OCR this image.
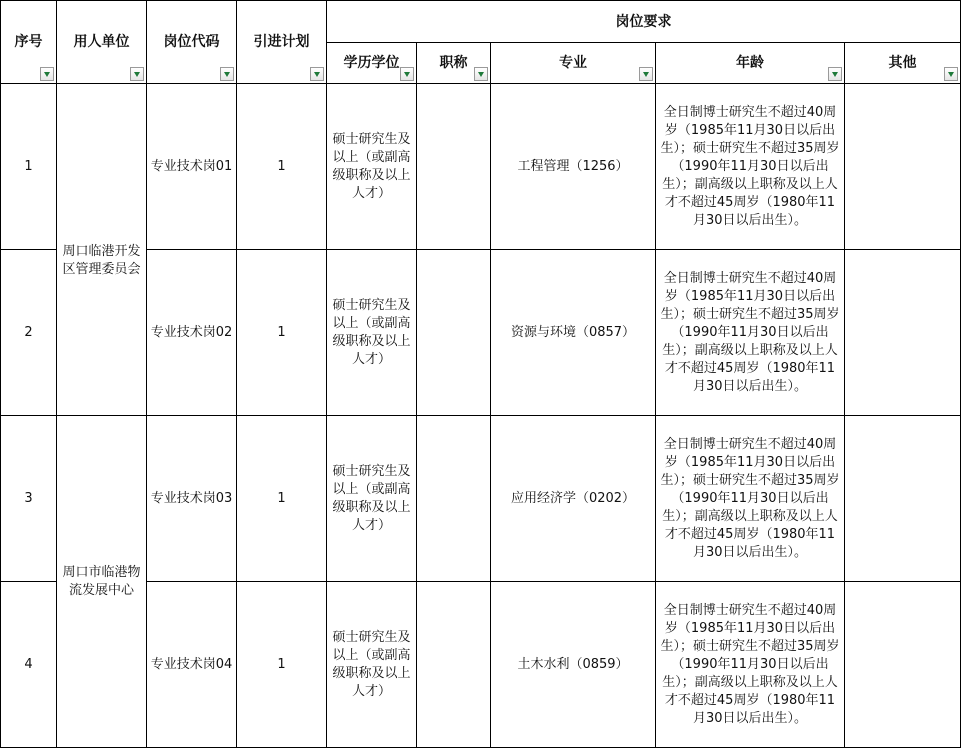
序号	用人单位	岗位代码	引进计划	岗位要求				

				学历学位	职称	专业	年龄	其他

1	周口临港开发区管理委员会	专业技术岗01	1	硕士研究生及以上（或副高级职称及以上人才）		工程管理（1256）	全日制博士研究生不超过40周岁（1985年11月30日以后出生）；硕士研究生不超过35周岁（1990年11月30日以后出生）；副高级以上职称及以上人才不超过45周岁（1980年11月30日以后出生）。	
2		专业技术岗02	1	硕士研究生及以上（或副高级职称及以上人才）		资源与环境（0857）	全日制博士研究生不超过40周岁（1985年11月30日以后出生）；硕士研究生不超过35周岁（1990年11月30日以后出生）；副高级以上职称及以上人才不超过45周岁（1980年11月30日以后出生）。	
3	周口市临港物流发展中心	专业技术岗03	1	硕士研究生及以上（或副高级职称及以上人才）		应用经济学（0202）	全日制博士研究生不超过40周岁（1985年11月30日以后出生）；硕士研究生不超过35周岁（1990年11月30日以后出生）；副高级以上职称及以上人才不超过45周岁（1980年11月30日以后出生）。	
4		专业技术岗04	1	硕士研究生及以上（或副高级职称及以上人才）		土木水利（0859）	全日制博士研究生不超过40周岁（1985年11月30日以后出生）；硕士研究生不超过35周岁（1990年11月30日以后出生）；副高级以上职称及以上人才不超过45周岁（1980年11月30日以后出生）。	
